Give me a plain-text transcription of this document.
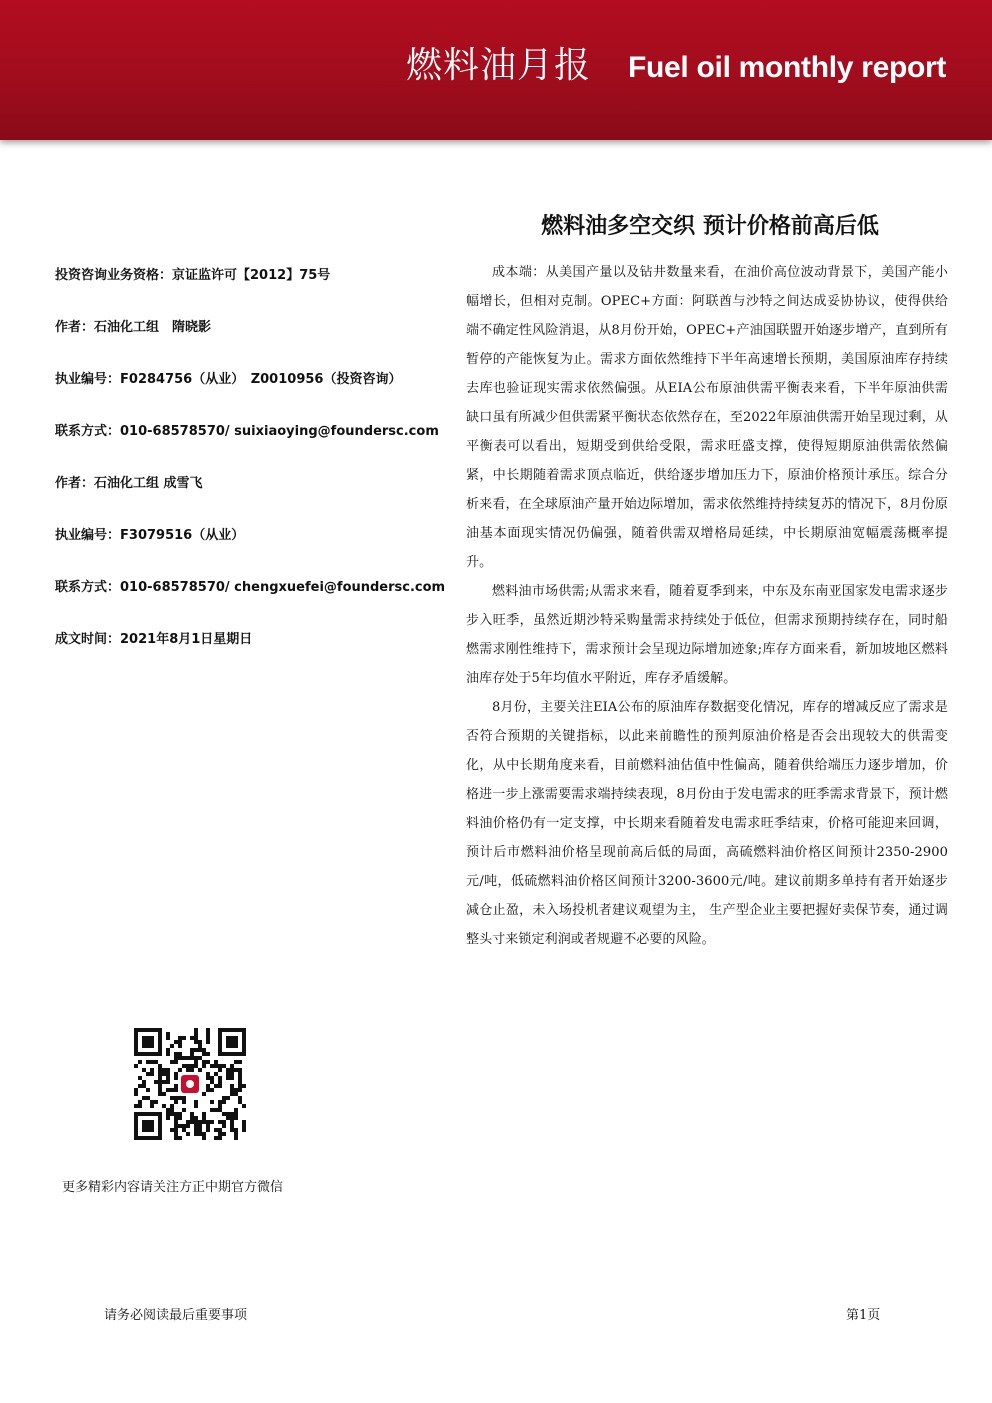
燃料油月报 Fuel oil monthly report
投资咨询业务资格：京证监许可【2012】75号
作者：石油化工组　隋晓影
执业编号：F0284756（从业）　Z0010956（投资咨询）
联系方式：010-68578570/ suixiaoying@foundersc.com
作者：石油化工组 成雪飞
执业编号：F3079516（从业）
联系方式：010-68578570/ chengxuefei@foundersc.com
成文时间：2021年8月1日星期日
更多精彩内容请关注方正中期官方微信
燃料油多空交织 预计价格前高后低

成本端：从美国产量以及钻井数量来看，在油价高位波动背景下，美国产能小幅增长，但相对克制。OPEC+方面：阿联酋与沙特之间达成妥协协议，使得供给端不确定性风险消退，从8月份开始，OPEC+产油国联盟开始逐步增产，直到所有暂停的产能恢复为止。需求方面依然维持下半年高速增长预期，美国原油库存持续去库也验证现实需求依然偏强。从EIA公布原油供需平衡表来看，下半年原油供需缺口虽有所减少但供需紧平衡状态依然存在，至2022年原油供需开始呈现过剩，从平衡表可以看出，短期受到供给受限，需求旺盛支撑，使得短期原油供需依然偏紧，中长期随着需求顶点临近，供给逐步增加压力下，原油价格预计承压。综合分析来看，在全球原油产量开始边际增加，需求依然维持持续复苏的情况下，8月份原油基本面现实情况仍偏强，随着供需双增格局延续，中长期原油宽幅震荡概率提升。

燃料油市场供需;从需求来看，随着夏季到来，中东及东南亚国家发电需求逐步步入旺季，虽然近期沙特采购量需求持续处于低位，但需求预期持续存在，同时船燃需求刚性维持下，需求预计会呈现边际增加迹象;库存方面来看，新加坡地区燃料油库存处于5年均值水平附近，库存矛盾缓解。

8月份，主要关注EIA公布的原油库存数据变化情况，库存的增减反应了需求是否符合预期的关键指标，以此来前瞻性的预判原油价格是否会出现较大的供需变化，从中长期角度来看，目前燃料油估值中性偏高，随着供给端压力逐步增加，价格进一步上涨需要需求端持续表现，8月份由于发电需求的旺季需求背景下，预计燃料油价格仍有一定支撑，中长期来看随着发电需求旺季结束，价格可能迎来回调，预计后市燃料油价格呈现前高后低的局面，高硫燃料油价格区间预计2350-2900元/吨，低硫燃料油价格区间预计3200-3600元/吨。建议前期多单持有者开始逐步减仓止盈，未入场投机者建议观望为主， 生产型企业主要把握好卖保节奏，通过调整头寸来锁定利润或者规避不必要的风险。

请务必阅读最后重要事项	第1页
